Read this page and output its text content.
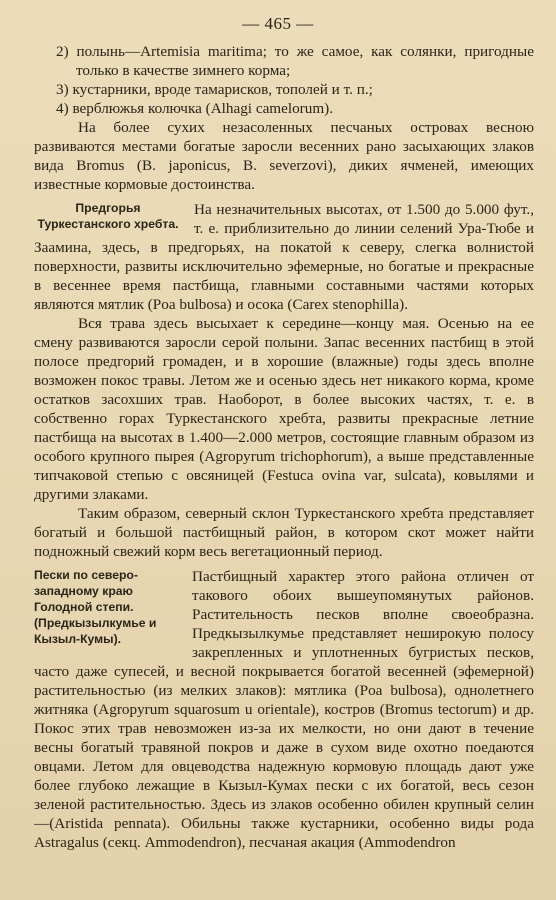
— 465 —

2) полынь—Artemisia maritima; то же самое, как солянки, пригодные только в качестве зимнего корма;

3) кустарники, вроде тамарисков, тополей и т. п.;

4) верблюжья колючка (Alhagi camelorum).

На более сухих незасоленных песчаных островах весною развиваются местами богатые заросли весенних рано засыхающих злаков вида Bromus (B. japonicus, B. severzovi), диких ячменей, имеющих известные кормовые достоинства.

Предгорья Туркестанского хребта.

На незначительных высотах, от 1.500 до 5.000 фут., т. е. приблизительно до линии селений Ура-Тюбе и Заамина, здесь, в предгорьях, на покатой к северу, слегка волнистой поверхности, развиты исключительно эфемерные, но богатые и прекрасные в весеннее время пастбища, главными составными частями которых являются мятлик (Poa bulbosa) и осока (Carex stenophilla).

Вся трава здесь высыхает к середине—концу мая. Осенью на ее смену развиваются заросли серой полыни. Запас весенних пастбищ в этой полосе предгорий громаден, и в хорошие (влажные) годы здесь вполне возможен покос травы. Летом же и осенью здесь нет никакого корма, кроме остатков засохших трав. Наоборот, в более высоких частях, т. е. в собственно горах Туркестанского хребта, развиты прекрасные летние пастбища на высотах в 1.400—2.000 метров, состоящие главным образом из особого крупного пырея (Agropyrum trichophorum), а выше представленные типчаковой степью с овсяницей (Festuca ovina var, sulcata), ковылями и другими злаками.

Таким образом, северный склон Туркестанского хребта представляет богатый и большой пастбищный район, в котором скот может найти подножный свежий корм весь вегетационный период.

Пески по северо-западному краю Голодной степи. (Предкызылкумье и Кызыл-Кумы).

Пастбищный характер этого района отличен от такового обоих вышеупомянутых районов. Растительность песков вполне своеобразна. Предкызылкумье представляет неширокую полосу закрепленных и уплотненных бугристых песков, часто даже супесей, и весной покрывается богатой весенней (эфемерной) растительностью (из мелких злаков): мятлика (Poa bulbosa), однолетнего житняка (Agropyrum squarosum u orientale), костров (Bromus tectorum) и др. Покос этих трав невозможен из-за их мелкости, но они дают в течение весны богатый травяной покров и даже в сухом виде охотно поедаются овцами. Летом для овцеводства надежную кормовую площадь дают уже более глубоко лежащие в Кызыл-Кумах пески с их богатой, весь сезон зеленой растительностью. Здесь из злаков особенно обилен крупный селин—(Aristida pennata). Обильны также кустарники, особенно виды рода Astragalus (секц. Ammodendron), песчаная акация (Ammodendron
